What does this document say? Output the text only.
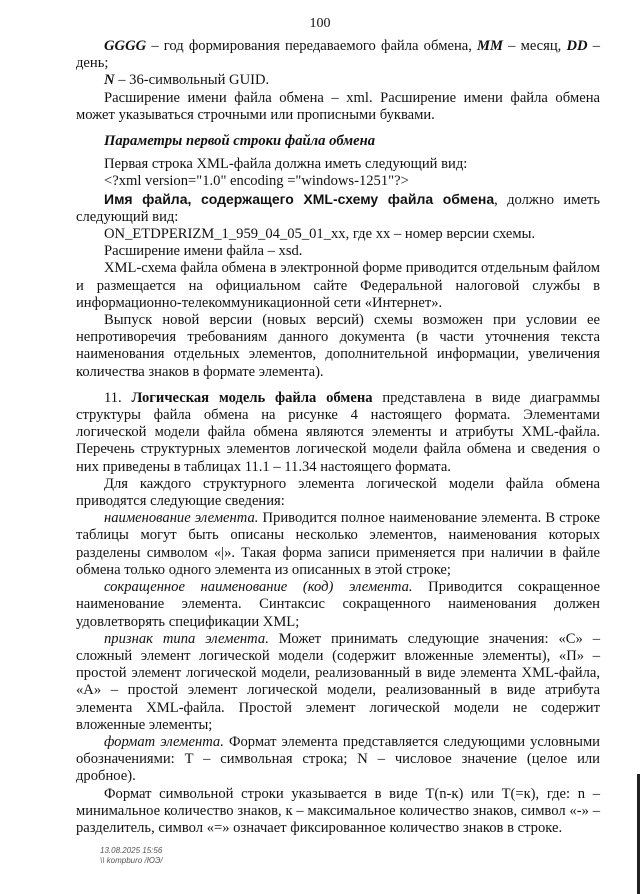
100

GGGG – год формирования передаваемого файла обмена, MM – месяц, DD – день;

N – 36-символьный GUID.

Расширение имени файла обмена – xml. Расширение имени файла обмена может указываться строчными или прописными буквами.

Параметры первой строки файла обмена

Первая строка XML-файла должна иметь следующий вид:

<?xml version="1.0" encoding ="windows-1251"?>

Имя файла, содержащего XML-схему файла обмена, должно иметь следующий вид:

ON_ETDPERIZM_1_959_04_05_01_xx, где хх – номер версии схемы.

Расширение имени файла – xsd.

XML-схема файла обмена в электронной форме приводится отдельным файлом и размещается на официальном сайте Федеральной налоговой службы в информационно-телекоммуникационной сети «Интернет».

Выпуск новой версии (новых версий) схемы возможен при условии ее непротиворечия требованиям данного документа (в части уточнения текста наименования отдельных элементов, дополнительной информации, увеличения количества знаков в формате элемента).

11. Логическая модель файла обмена представлена в виде диаграммы структуры файла обмена на рисунке 4 настоящего формата. Элементами логической модели файла обмена являются элементы и атрибуты XML-файла. Перечень структурных элементов логической модели файла обмена и сведения о них приведены в таблицах 11.1 – 11.34 настоящего формата.

Для каждого структурного элемента логической модели файла обмена приводятся следующие сведения:

наименование элемента. Приводится полное наименование элемента. В строке таблицы могут быть описаны несколько элементов, наименования которых разделены символом «|». Такая форма записи применяется при наличии в файле обмена только одного элемента из описанных в этой строке;

сокращенное наименование (код) элемента. Приводится сокращенное наименование элемента. Синтаксис сокращенного наименования должен удовлетворять спецификации XML;

признак типа элемента. Может принимать следующие значения: «С» – сложный элемент логической модели (содержит вложенные элементы), «П» – простой элемент логической модели, реализованный в виде элемента XML-файла, «А» – простой элемент логической модели, реализованный в виде атрибута элемента XML-файла. Простой элемент логической модели не содержит вложенные элементы;

формат элемента. Формат элемента представляется следующими условными обозначениями: T – символьная строка; N – числовое значение (целое или дробное).

Формат символьной строки указывается в виде T(n-к) или T(=к), где: n – минимальное количество знаков, к – максимальное количество знаков, символ «-» – разделитель, символ «=» означает фиксированное количество знаков в строке.

13.08.2025 15:56
\\ kompburo /ЮЭ/
